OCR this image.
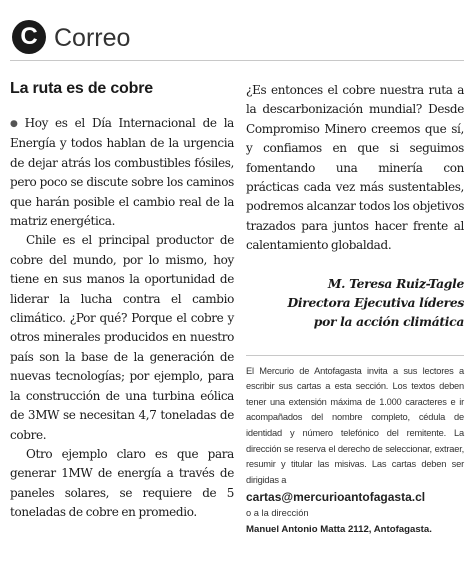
C Correo
La ruta es de cobre

● Hoy es el Día Internacional de la Energía y todos hablan de la urgencia de dejar atrás los combustibles fósiles, pero poco se discute sobre los caminos que harán posible el cambio real de la matriz energética.

Chile es el principal productor de cobre del mundo, por lo mismo, hoy tiene en sus manos la oportunidad de liderar la lucha contra el cambio climático. ¿Por qué? Porque el cobre y otros minerales producidos en nuestro país son la base de la generación de nuevas tecnologías; por ejemplo, para la construcción de una turbina eólica de 3MW se necesitan 4,7 toneladas de cobre.

Otro ejemplo claro es que para generar 1MW de energía a través de paneles solares, se requiere de 5 toneladas de cobre en promedio.

¿Es entonces el cobre nuestra ruta a la descarbonización mundial? Desde Compromiso Minero creemos que sí, y confiamos en que si seguimos fomentando una minería con prácticas cada vez más sustentables, podremos alcanzar todos los objetivos trazados para juntos hacer frente al calentamiento globaldad.

M. Teresa Ruiz-Tagle
Directora Ejecutiva líderes
por la acción climática
El Mercurio de Antofagasta invita a sus lectores a escribir sus cartas a esta sección. Los textos deben tener una extensión máxima de 1.000 caracteres e ir acompañados del nombre completo, cédula de identidad y número telefónico del remitente. La dirección se reserva el derecho de seleccionar, extraer, resumir y titular las misivas. Las cartas deben ser dirigidas a
cartas@mercurioantofagasta.cl
o a la dirección
Manuel Antonio Matta 2112, Antofagasta.
